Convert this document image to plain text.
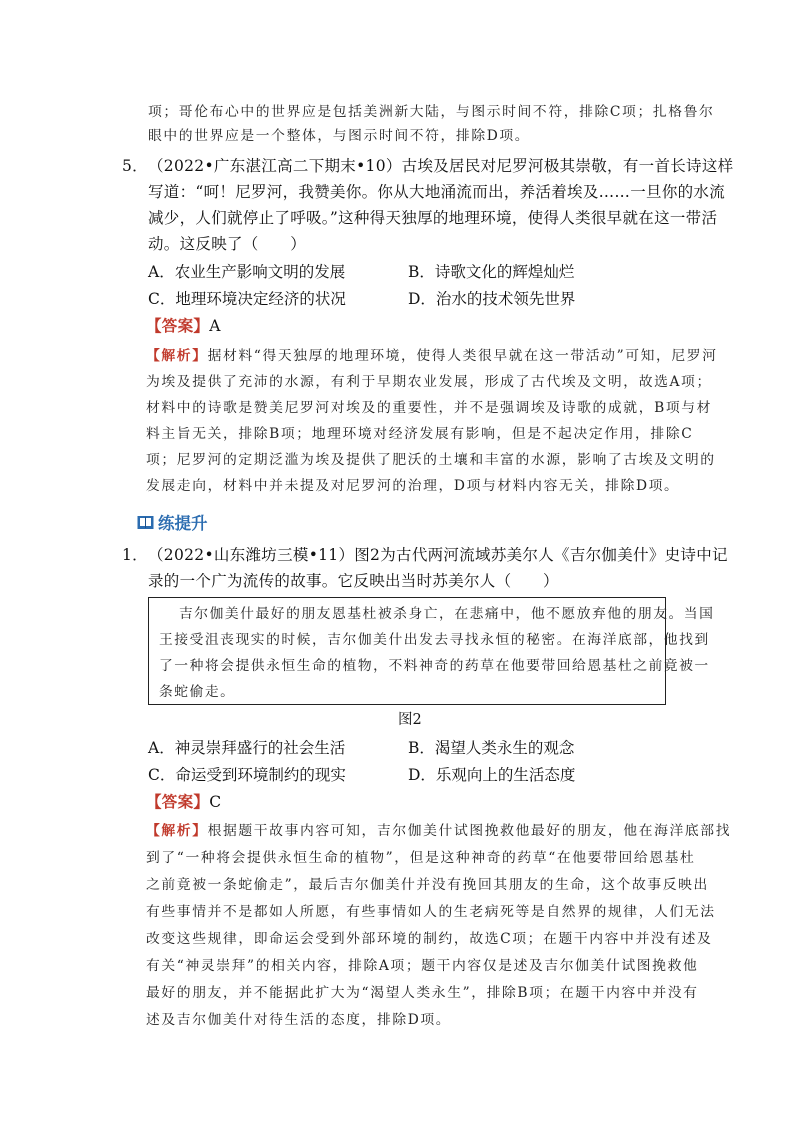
项；哥伦布心中的世界应是包括美洲新大陆，与图示时间不符，排除C项；扎格鲁尔
眼中的世界应是一个整体，与图示时间不符，排除D项。
5． （2022•广东湛江高二下期末•10）古埃及居民对尼罗河极其崇敬，有一首长诗这样
写道：“呵！尼罗河，我赞美你。你从大地涌流而出，养活着埃及……一旦你的水流
减少，人们就停止了呼吸。”这种得天独厚的地理环境，使得人类很早就在这一带活
动。这反映了（　　）
A．农业生产影响文明的发展	B．诗歌文化的辉煌灿烂
C．地理环境决定经济的状况	D．治水的技术领先世界
【答案】A
【解析】据材料“得天独厚的地理环境，使得人类很早就在这一带活动”可知，尼罗河
为埃及提供了充沛的水源，有利于早期农业发展，形成了古代埃及文明，故选A项；
材料中的诗歌是赞美尼罗河对埃及的重要性，并不是强调埃及诗歌的成就，B项与材
料主旨无关，排除B项；地理环境对经济发展有影响，但是不起决定作用，排除C
项；尼罗河的定期泛滥为埃及提供了肥沃的土壤和丰富的水源，影响了古埃及文明的
发展走向，材料中并未提及对尼罗河的治理，D项与材料内容无关，排除D项。
练提升
1． （2022•山东潍坊三模•11）图2为古代两河流域苏美尔人《吉尔伽美什》史诗中记
录的一个广为流传的故事。它反映出当时苏美尔人（　　）
吉尔伽美什最好的朋友恩基杜被杀身亡，在悲痛中，他不愿放弃他的朋友。当国
王接受沮丧现实的时候，吉尔伽美什出发去寻找永恒的秘密。在海洋底部，他找到
了一种将会提供永恒生命的植物，不料神奇的药草在他要带回给恩基杜之前竟被一
条蛇偷走。
图2
A．神灵崇拜盛行的社会生活	B．渴望人类永生的观念
C．命运受到环境制约的现实	D．乐观向上的生活态度
【答案】C
【解析】根据题干故事内容可知，吉尔伽美什试图挽救他最好的朋友，他在海洋底部找
到了“一种将会提供永恒生命的植物”，但是这种神奇的药草“在他要带回给恩基杜
之前竟被一条蛇偷走”，最后吉尔伽美什并没有挽回其朋友的生命，这个故事反映出
有些事情并不是都如人所愿，有些事情如人的生老病死等是自然界的规律，人们无法
改变这些规律，即命运会受到外部环境的制约，故选C项；在题干内容中并没有述及
有关“神灵崇拜”的相关内容，排除A项；题干内容仅是述及吉尔伽美什试图挽救他
最好的朋友，并不能据此扩大为“渴望人类永生”，排除B项；在题干内容中并没有
述及吉尔伽美什对待生活的态度，排除D项。
